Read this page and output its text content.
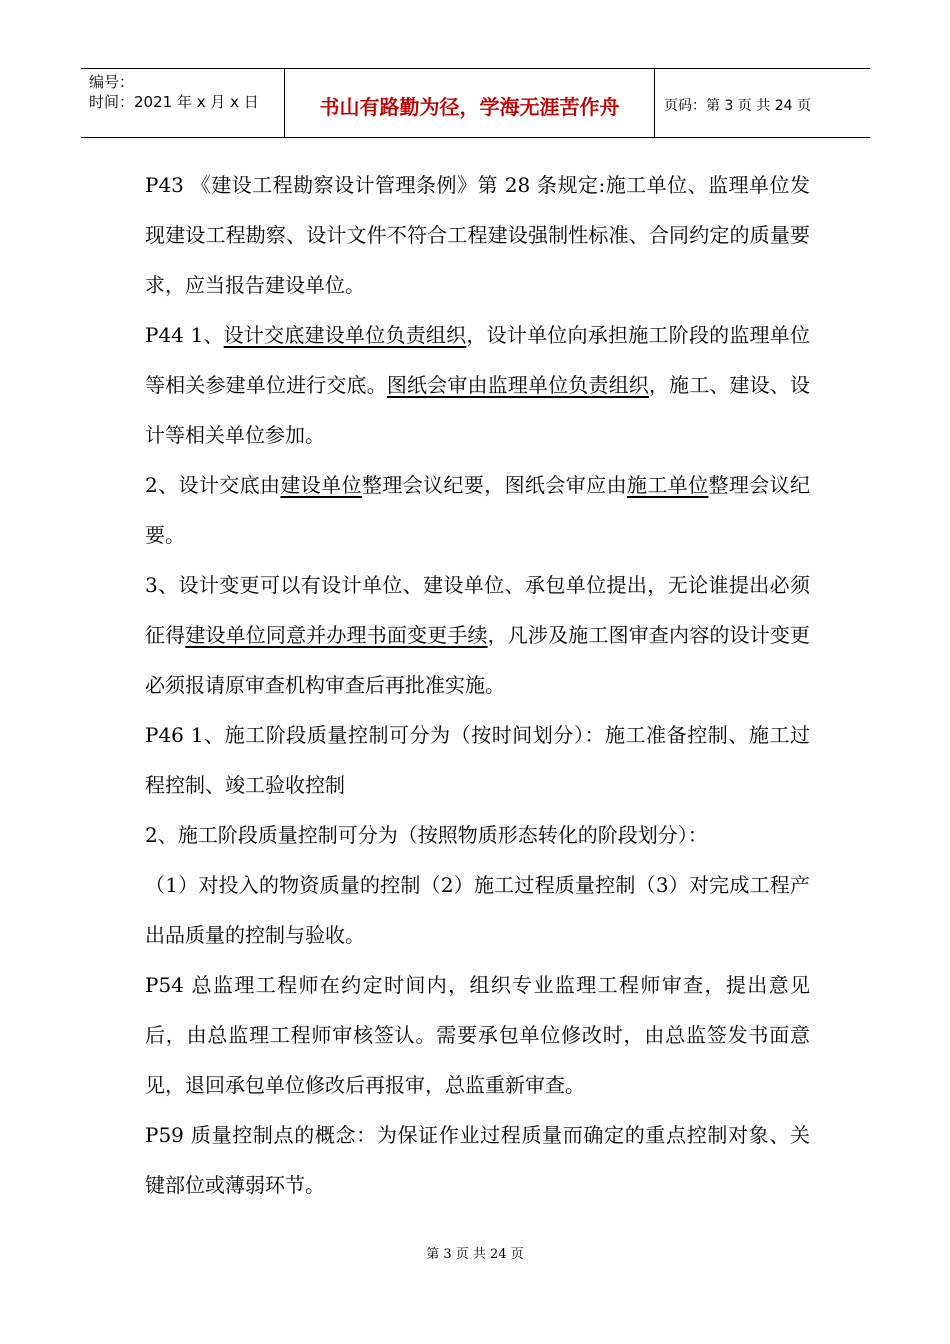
编号：
时间：2021 年 x 月 x 日	书山有路勤为径，学海无涯苦作舟	页码：第 3 页 共 24 页

P43 《建设工程勘察设计管理条例》第 28 条规定:施工单位、监理单位发现建设工程勘察、设计文件不符合工程建设强制性标准、合同约定的质量要求，应当报告建设单位。

P44 1、设计交底建设单位负责组织，设计单位向承担施工阶段的监理单位等相关参建单位进行交底。图纸会审由监理单位负责组织，施工、建设、设计等相关单位参加。

2、设计交底由建设单位整理会议纪要，图纸会审应由施工单位整理会议纪要。

3、设计变更可以有设计单位、建设单位、承包单位提出，无论谁提出必须征得建设单位同意并办理书面变更手续，凡涉及施工图审查内容的设计变更必须报请原审查机构审查后再批准实施。

P46 1、施工阶段质量控制可分为（按时间划分）：施工准备控制、施工过程控制、竣工验收控制

2、施工阶段质量控制可分为（按照物质形态转化的阶段划分）：

（1）对投入的物资质量的控制（2）施工过程质量控制（3）对完成工程产出品质量的控制与验收。

P54 总监理工程师在约定时间内，组织专业监理工程师审查，提出意见后，由总监理工程师审核签认。需要承包单位修改时，由总监签发书面意见，退回承包单位修改后再报审，总监重新审查。

P59 质量控制点的概念：为保证作业过程质量而确定的重点控制对象、关键部位或薄弱环节。

第 3 页 共 24 页
